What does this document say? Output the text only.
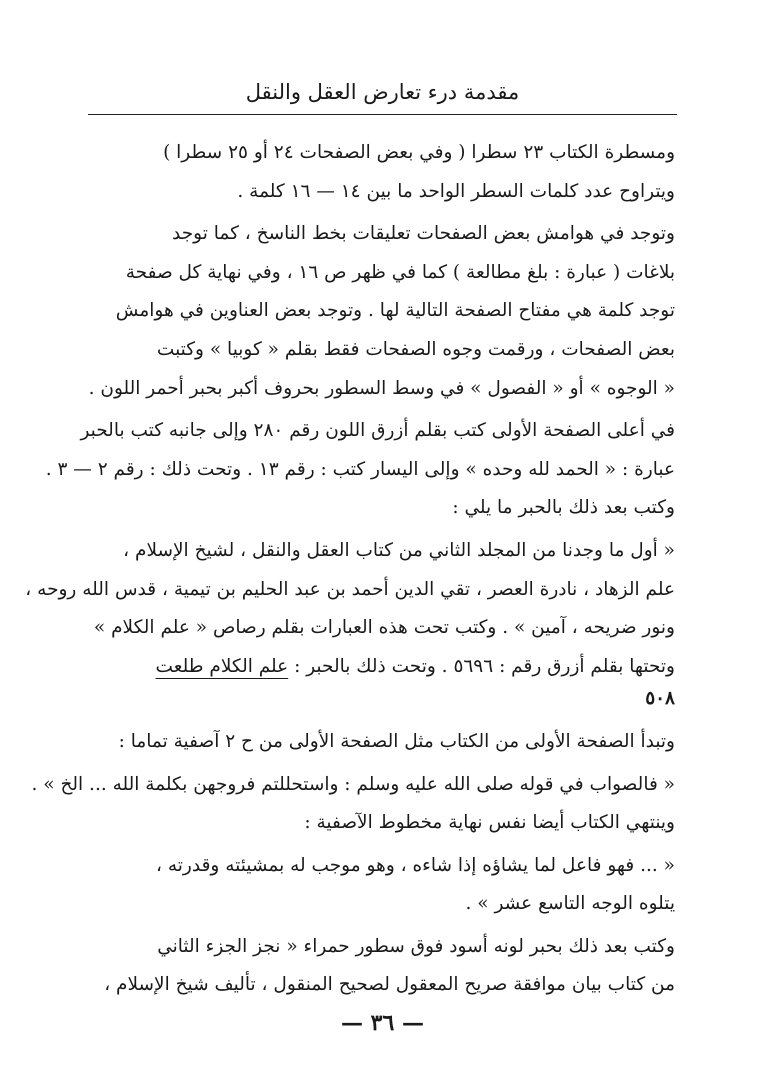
مقدمة درء تعارض العقل والنقل

ومسطرة الكتاب ٢٣ سطرا ( وفي بعض الصفحات ٢٤ أو ٢٥ سطرا )
ويتراوح عدد كلمات السطر الواحد ما بين ١٤ — ١٦ كلمة .

وتوجد في هوامش بعض الصفحات تعليقات بخط الناسخ ، كما توجد
بلاغات ( عبارة : بلغ مطالعة ) كما في ظهر ص ١٦ ، وفي نهاية كل صفحة
توجد كلمة هي مفتاح الصفحة التالية لها . وتوجد بعض العناوين في هوامش
بعض الصفحات ، ورقمت وجوه الصفحات فقط بقلم « كوبيا » وكتبت
« الوجوه » أو « الفصول » في وسط السطور بحروف أكبر بحبر أحمر اللون .

في أعلى الصفحة الأولى كتب بقلم أزرق اللون رقم ٢٨٠ وإلى جانبه كتب بالحبر
عبارة : « الحمد لله وحده » وإلى اليسار كتب : رقم ١٣ . وتحت ذلك : رقم ٢ — ٣ .
وكتب بعد ذلك بالحبر ما يلي :

« أول ما وجدنا من المجلد الثاني من كتاب العقل والنقل ، لشيخ الإسلام ،
علم الزهاد ، نادرة العصر ، تقي الدين أحمد بن عبد الحليم بن تيمية ، قدس الله روحه ،
ونور ضريحه ، آمين » . وكتب تحت هذه العبارات بقلم رصاص « علم الكلام »
وتحتها بقلم أزرق رقم : ٥٦٩٦ . وتحت ذلك بالحبر : علم الكلام طلعت
٥٠٨

وتبدأ الصفحة الأولى من الكتاب مثل الصفحة الأولى من ح ٢ آصفية تماما :

« فالصواب في قوله صلى الله عليه وسلم : واستحللتم فروجهن بكلمة الله ... الخ » .
وينتهي الكتاب أيضا نفس نهاية مخطوط الآصفية :

« ... فهو فاعل لما يشاؤه إذا شاءه ، وهو موجب له بمشيئته وقدرته ،
يتلوه الوجه التاسع عشر » .

وكتب بعد ذلك بحبر لونه أسود فوق سطور حمراء « نجز الجزء الثاني
من كتاب بيان موافقة صريح المعقول لصحيح المنقول ، تأليف شيخ الإسلام ،

— ٣٦ —
